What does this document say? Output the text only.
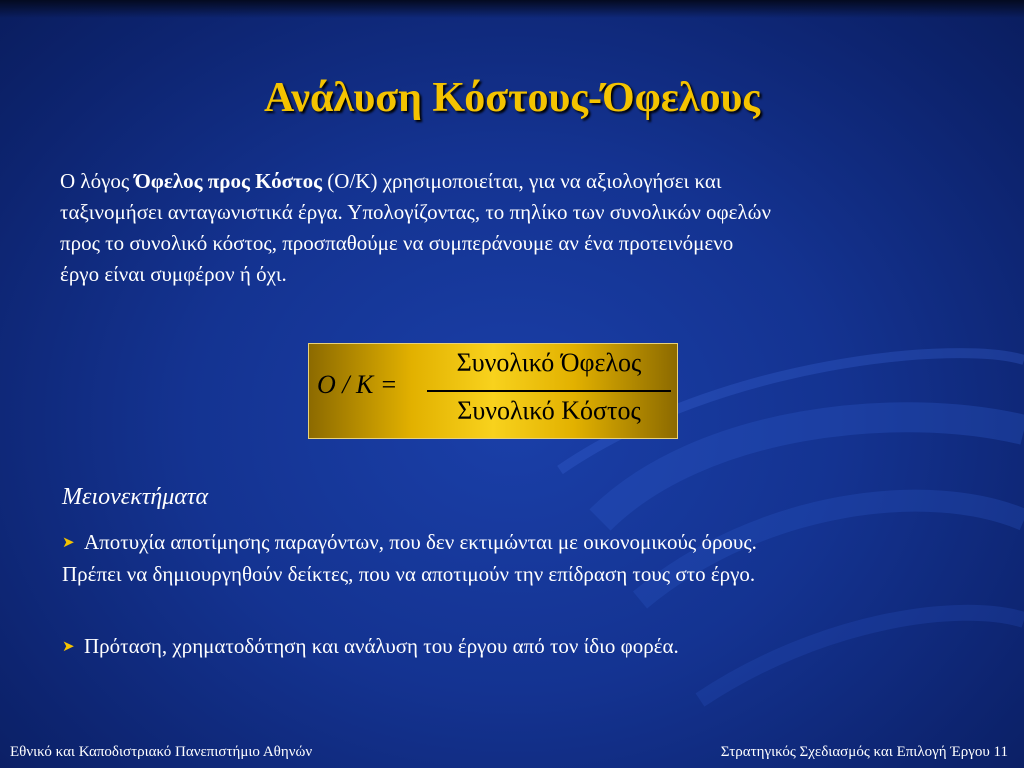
Ανάλυση Κόστους-Όφελους
Ο λόγος Όφελος προς Κόστος (Ο/Κ) χρησιμοποιείται, για να αξιολογήσει και
ταξινομήσει ανταγωνιστικά έργα. Υπολογίζοντας, το πηλίκο των συνολικών οφελών
προς το συνολικό κόστος, προσπαθούμε να συμπεράνουμε αν ένα προτεινόμενο
έργο είναι συμφέρον ή όχι.
O / K =
Συνολικό Όφελος
Συνολικό Κόστος
Μειονεκτήματα
➤ Αποτυχία αποτίμησης παραγόντων, που δεν εκτιμώνται με οικονομικούς όρους.
Πρέπει να δημιουργηθούν δείκτες, που να αποτιμούν την επίδραση τους στο έργο.
➤ Πρόταση, χρηματοδότηση και ανάλυση του έργου από τον ίδιο φορέα.
Εθνικό και Καποδιστριακό Πανεπιστήμιο Αθηνών	Στρατηγικός Σχεδιασμός και Επιλογή Έργου 11
